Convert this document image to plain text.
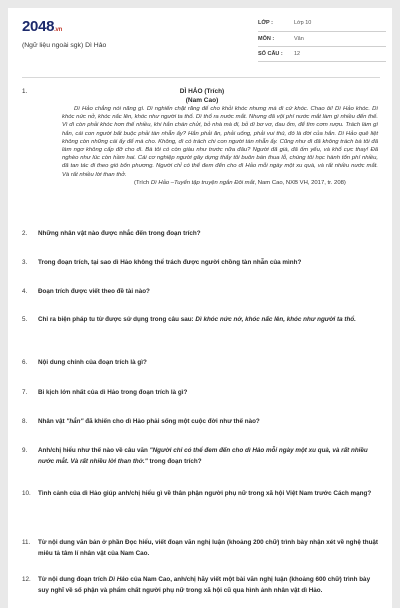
2048.vn
(Ngữ liệu ngoài sgk) Dì Hảo
LỚP :	Lớp 10
MÔN :	Văn
SỐ CÂU :	12
1.	DÌ HẢO (Trích)
(Nam Cao)

Dì Hảo chẳng nói năng gì. Dì nghiến chặt răng để cho khỏi khóc nhưng mà dì cứ khóc. Chao ôi! Dì Hảo khóc. Dì khóc nức nở, khóc nấc lên, khóc như người ta thổ. Dì thổ ra nước mắt. Nhưng đã vội phí nước mắt làm gì nhiều đến thế. Vì dì còn phải khóc hơn thế nhiều, khi hắn chán chửi, bỏ nhà mà đi, bỏ dì bơ vơ, đau ốm, để tìm cơm rượu. Trách làm gì hắn, cái con người bất buộc phải tàn nhẫn ấy? Hắn phải ăn, phải uống, phải vui thú, đó là đời của hắn. Dì Hảo quê liệt không còn những cái ấy để mà cho. Không, dì có trách chi con người tàn nhẫn ấy. Cũng như dì đã không trách bà tôi đã làm ngơ không cấp đỡ cho dì. Bà tôi có còn giàu như trước nữa đâu? Người đã già, đã ốm yếu, và khổ cực thay! Đã nghèo như lúc còn hầm hai. Cái cơ nghiệp người gây dựng thấy tôi buôn bán thua lỗ, chúng tôi học hành tốn phí nhiều, đã tan tác đi theo gió bốn phương. Người chỉ có thể đem đến cho dì Hảo mỗi ngày một xu quà, và rất nhiều nước mắt. Và rất nhiều lời than thở.

(Trích Dì Hảo –Tuyển tập truyện ngắn Đôi mắt, Nam Cao, NXB VH, 2017, tr. 208)
2. Những nhân vật nào được nhắc đến trong đoạn trích?
3. Trong đoạn trích, tại sao dì Hảo không thể trách được người chồng tàn nhẫn của mình?
4. Đoạn trích được viết theo đề tài nào?
5. Chỉ ra biện pháp tu từ được sử dụng trong câu sau: Dì khóc nức nở, khóc nấc lên, khóc như người ta thổ.
6. Nội dung chính của đoạn trích là gì?
7. Bi kịch lớn nhất của dì Hảo trong đoạn trích là gì?
8. Nhân vật "hắn" đã khiến cho dì Hảo phải sống một cuộc đời như thế nào?
9. Anh/chị hiểu như thế nào về câu văn "Người chỉ có thể đem đến cho dì Hảo mỗi ngày một xu quà, và rất nhiều nước mắt. Và rất nhiều lời than thở." trong đoạn trích?
10. Tình cảnh của dì Hảo giúp anh/chị hiểu gì về thân phận người phụ nữ trong xã hội Việt Nam trước Cách mạng?
11. Từ nội dung văn bản ở phần Đọc hiểu, viết đoạn văn nghị luận (khoảng 200 chữ) trình bày nhận xét về nghệ thuật miêu tả tâm lí nhân vật của Nam Cao.
12. Từ nội dung đoạn trích Dì Hảo của Nam Cao, anh/chị hãy viết một bài văn nghị luận (khoảng 600 chữ) trình bày suy nghĩ về số phận và phẩm chất người phụ nữ trong xã hội cũ qua hình ảnh nhân vật dì Hảo.
